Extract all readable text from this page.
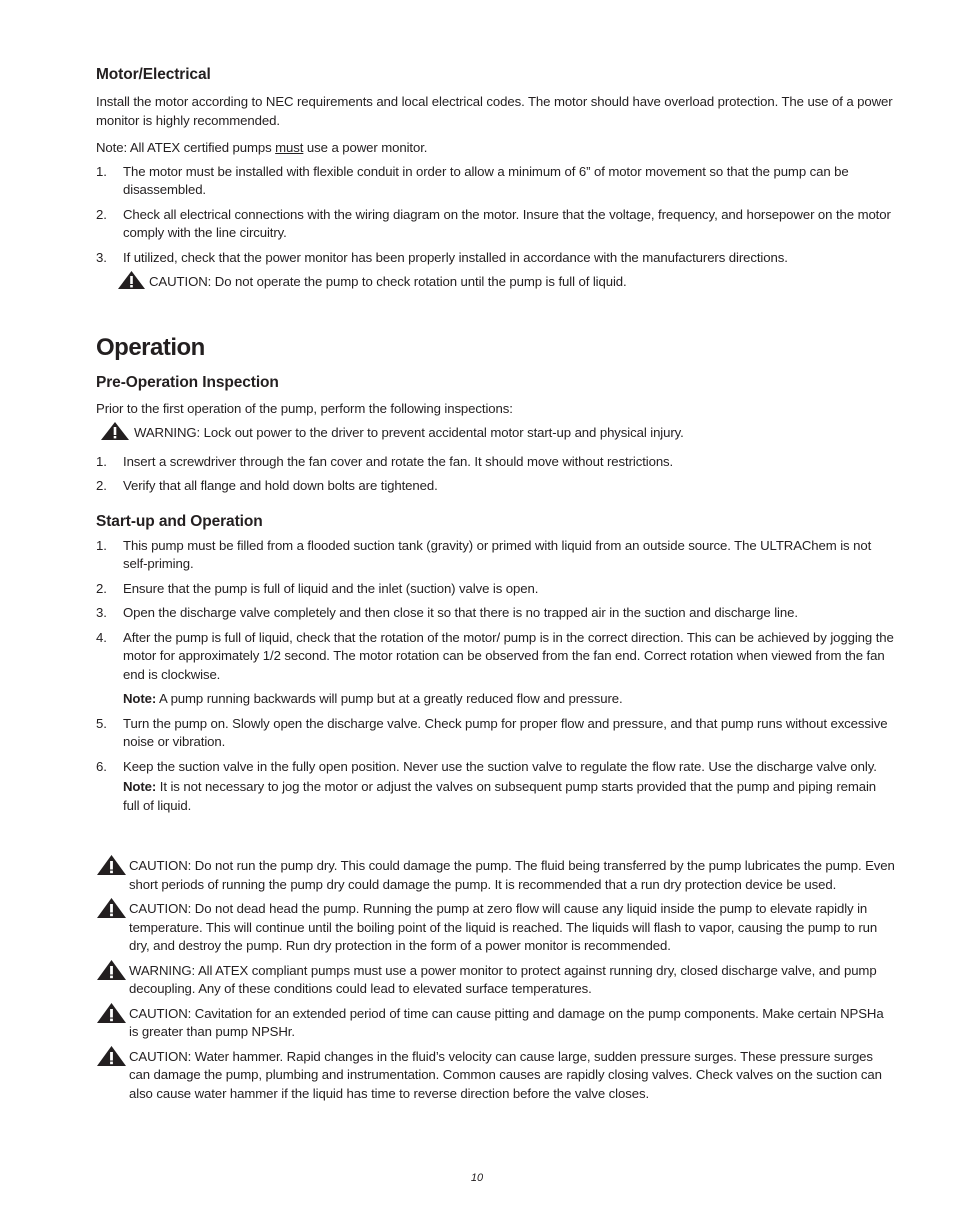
Motor/Electrical

Install the motor according to NEC requirements and local electrical codes. The motor should have overload protection. The use of a power monitor is highly recommended.

Note: All ATEX certified pumps must use a power monitor.

1.	The motor must be installed with flexible conduit in order to allow a minimum of 6” of motor movement so that the pump can be disassembled.
2.	Check all electrical connections with the wiring diagram on the motor. Insure that the voltage, frequency, and horsepower on the motor comply with the line circuitry.
3.	If utilized, check that the power monitor has been properly installed in accordance with the manufacturers directions.
CAUTION: Do not operate the pump to check rotation until the pump is full of liquid.
Operation
Pre-Operation Inspection

Prior to the first operation of the pump, perform the following inspections:

WARNING: Lock out power to the driver to prevent accidental motor start-up and physical injury.
1.	Insert a screwdriver through the fan cover and rotate the fan. It should move without restrictions.
2.	Verify that all flange and hold down bolts are tightened.
Start-up and Operation
1.	This pump must be filled from a flooded suction tank (gravity) or primed with liquid from an outside source. The ULTRAChem is not self-priming.
2.	Ensure that the pump is full of liquid and the inlet (suction) valve is open.
3.	Open the discharge valve completely and then close it so that there is no trapped air in the suction and discharge line.
4.	After the pump is full of liquid, check that the rotation of the motor/ pump is in the correct direction. This can be achieved by jogging the motor for approximately 1/2 second. The motor rotation can be observed from the fan end. Correct rotation when viewed from the fan end is clockwise.

Note: A pump running backwards will pump but at a greatly reduced flow and pressure.

5.	Turn the pump on. Slowly open the discharge valve. Check pump for proper flow and pressure, and that pump runs without excessive noise or vibration.
6.	Keep the suction valve in the fully open position. Never use the suction valve to regulate the flow rate. Use the discharge valve only.

Note: It is not necessary to jog the motor or adjust the valves on subsequent pump starts provided that the pump and piping remain full of liquid.

CAUTION: Do not run the pump dry. This could damage the pump. The fluid being transferred by the pump lubricates the pump. Even short periods of running the pump dry could damage the pump. It is recommended that a run dry protection device be used.
CAUTION: Do not dead head the pump. Running the pump at zero flow will cause any liquid inside the pump to elevate rapidly in temperature. This will continue until the boiling point of the liquid is reached. The liquids will flash to vapor, causing the pump to run dry, and destroy the pump. Run dry protection in the form of a power monitor is recommended.
WARNING: All ATEX compliant pumps must use a power monitor to protect against running dry, closed discharge valve, and pump decoupling. Any of these conditions could lead to elevated surface temperatures.
CAUTION: Cavitation for an extended period of time can cause pitting and damage on the pump components. Make certain NPSHa is greater than pump NPSHr.
CAUTION: Water hammer. Rapid changes in the fluid’s velocity can cause large, sudden pressure surges. These pressure surges can damage the pump, plumbing and instrumentation. Common causes are rapidly closing valves. Check valves on the suction can also cause water hammer if the liquid has time to reverse direction before the valve closes.
10
